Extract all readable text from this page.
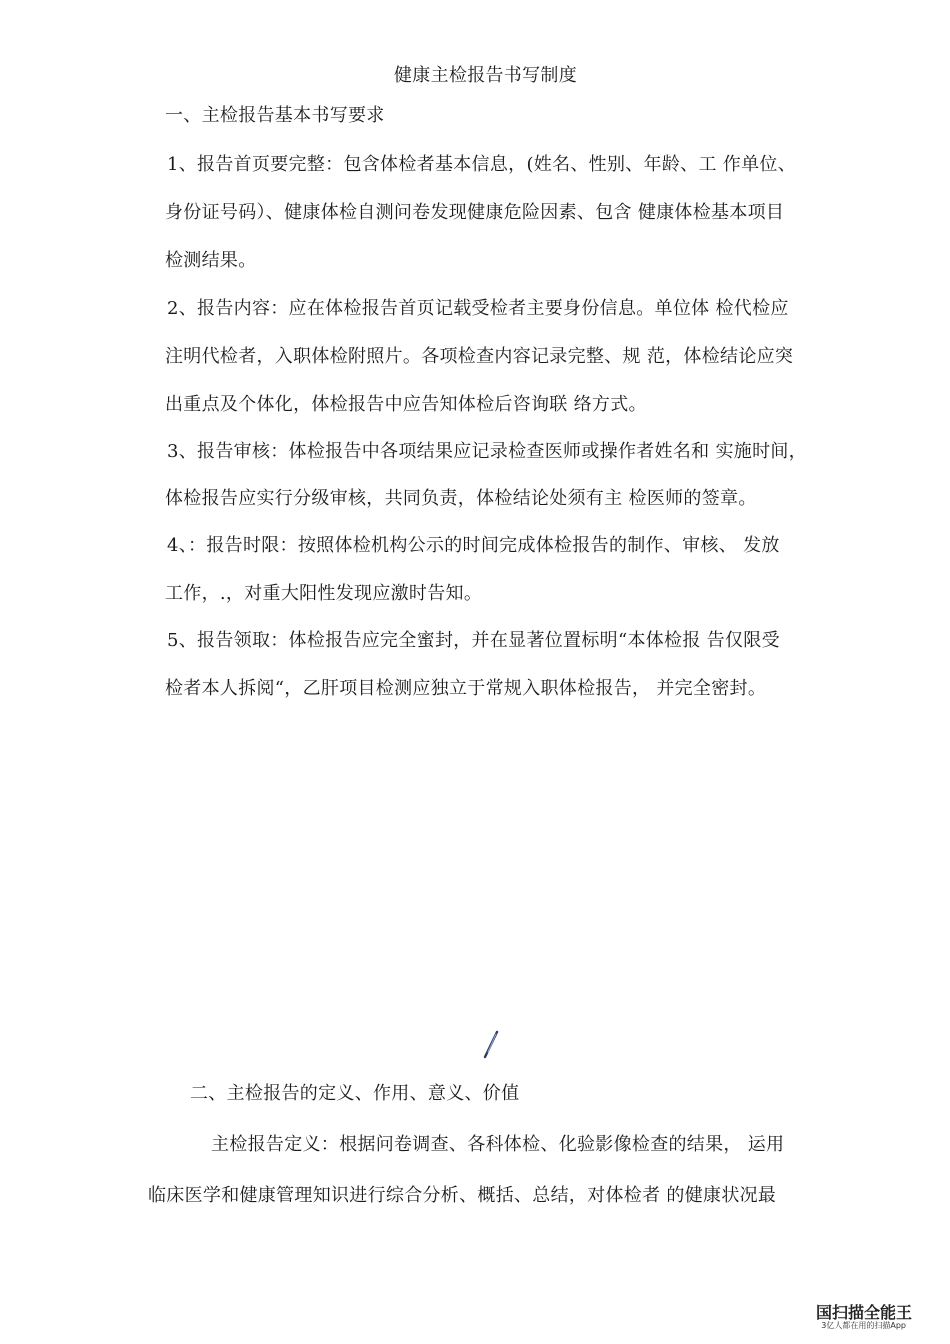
健康主检报告书写制度
一、主检报告基本书写要求
1、报告首页要完整：包含体检者基本信息，(姓名、性别、年龄、工 作单位、
身份证号码）、健康体检自测问卷发现健康危险因素、包含 健康体检基本项目
检测结果。
2、报告内容：应在体检报告首页记载受检者主要身份信息。单位体 检代检应
注明代检者，入职体检附照片。各项检查内容记录完整、规 范，体检结论应突
出重点及个体化，体检报告中应告知体检后咨询联 络方式。
3、报告审核：体检报告中各项结果应记录检查医师或操作者姓名和 实施时间，
体检报告应实行分级审核，共同负责，体检结论处须有主 检医师的签章。
4、：报告时限：按照体检机构公示的时间完成体检报告的制作、审核、 发放
工作，.，对重大阳性发现应激时告知。
5、报告领取：体检报告应完全蜜封，并在显著位置标明“本体检报 告仅限受
检者本人拆阅“，乙肝项目检测应独立于常规入职体检报告， 并完全密封。
二、主检报告的定义、作用、意义、价值
主检报告定义：根据问卷调查、各科体检、化验影像检查的结果， 运用
临床医学和健康管理知识进行综合分析、概括、总结，对体检者 的健康状况最
国扫描全能王
3亿人都在用的扫描App
